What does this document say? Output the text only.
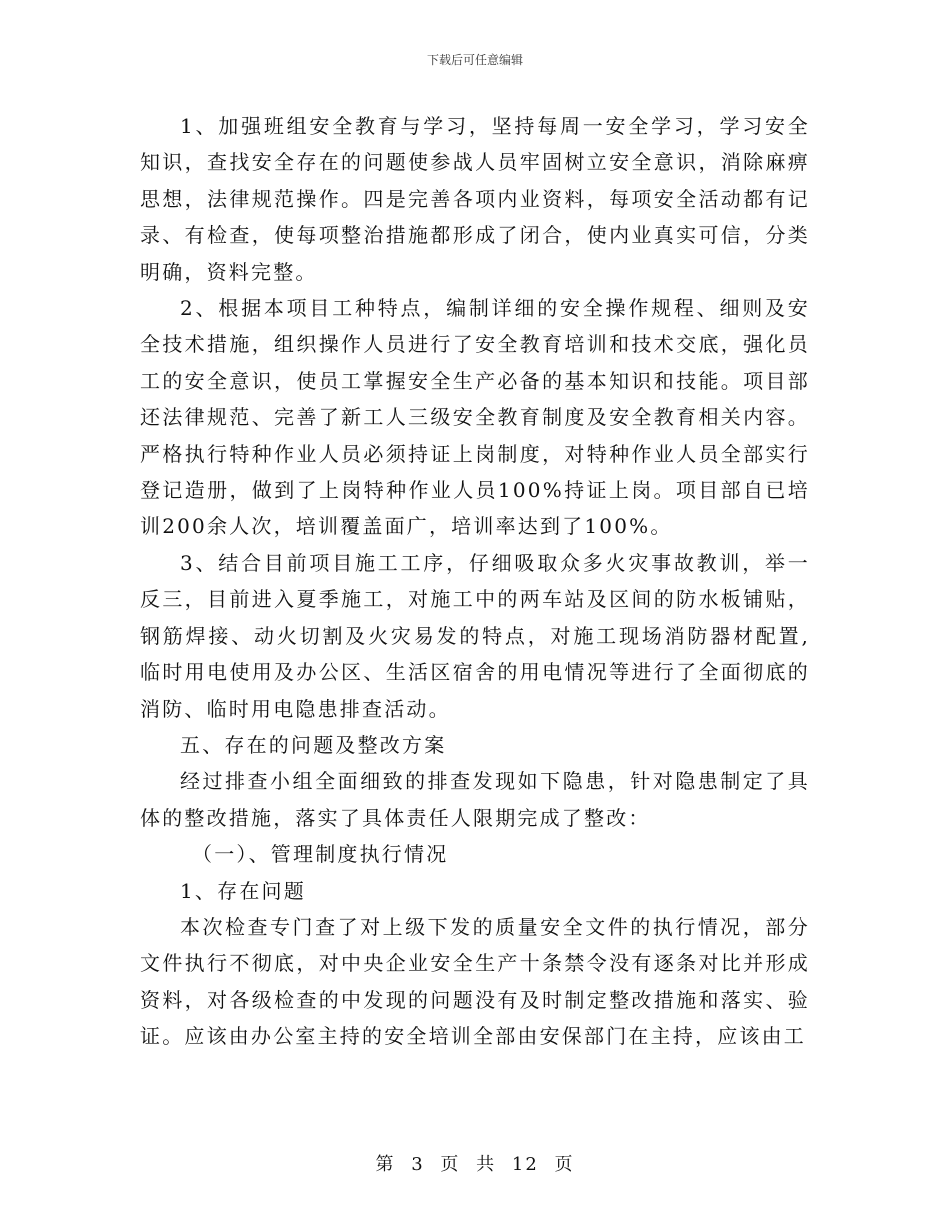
下载后可任意编辑

1、加强班组安全教育与学习，坚持每周一安全学习，学习安全知识，查找安全存在的问题使参战人员牢固树立安全意识，消除麻痹思想，法律规范操作。四是完善各项内业资料，每项安全活动都有记录、有检查，使每项整治措施都形成了闭合，使内业真实可信，分类明确，资料完整。

2、根据本项目工种特点，编制详细的安全操作规程、细则及安全技术措施，组织操作人员进行了安全教育培训和技术交底，强化员工的安全意识，使员工掌握安全生产必备的基本知识和技能。项目部还法律规范、完善了新工人三级安全教育制度及安全教育相关内容。严格执行特种作业人员必须持证上岗制度，对特种作业人员全部实行登记造册，做到了上岗特种作业人员100%持证上岗。项目部自已培训200余人次，培训覆盖面广，培训率达到了100%。

3、结合目前项目施工工序，仔细吸取众多火灾事故教训，举一反三，目前进入夏季施工，对施工中的两车站及区间的防水板铺贴，钢筋焊接、动火切割及火灾易发的特点，对施工现场消防器材配置,临时用电使用及办公区、生活区宿舍的用电情况等进行了全面彻底的消防、临时用电隐患排查活动。

五、存在的问题及整改方案

经过排查小组全面细致的排查发现如下隐患，针对隐患制定了具体的整改措施，落实了具体责任人限期完成了整改：

（一）、管理制度执行情况

1、存在问题

本次检查专门查了对上级下发的质量安全文件的执行情况，部分文件执行不彻底，对中央企业安全生产十条禁令没有逐条对比并形成资料，对各级检查的中发现的问题没有及时制定整改措施和落实、验证。应该由办公室主持的安全培训全部由安保部门在主持，应该由工

第 3 页 共 12 页
